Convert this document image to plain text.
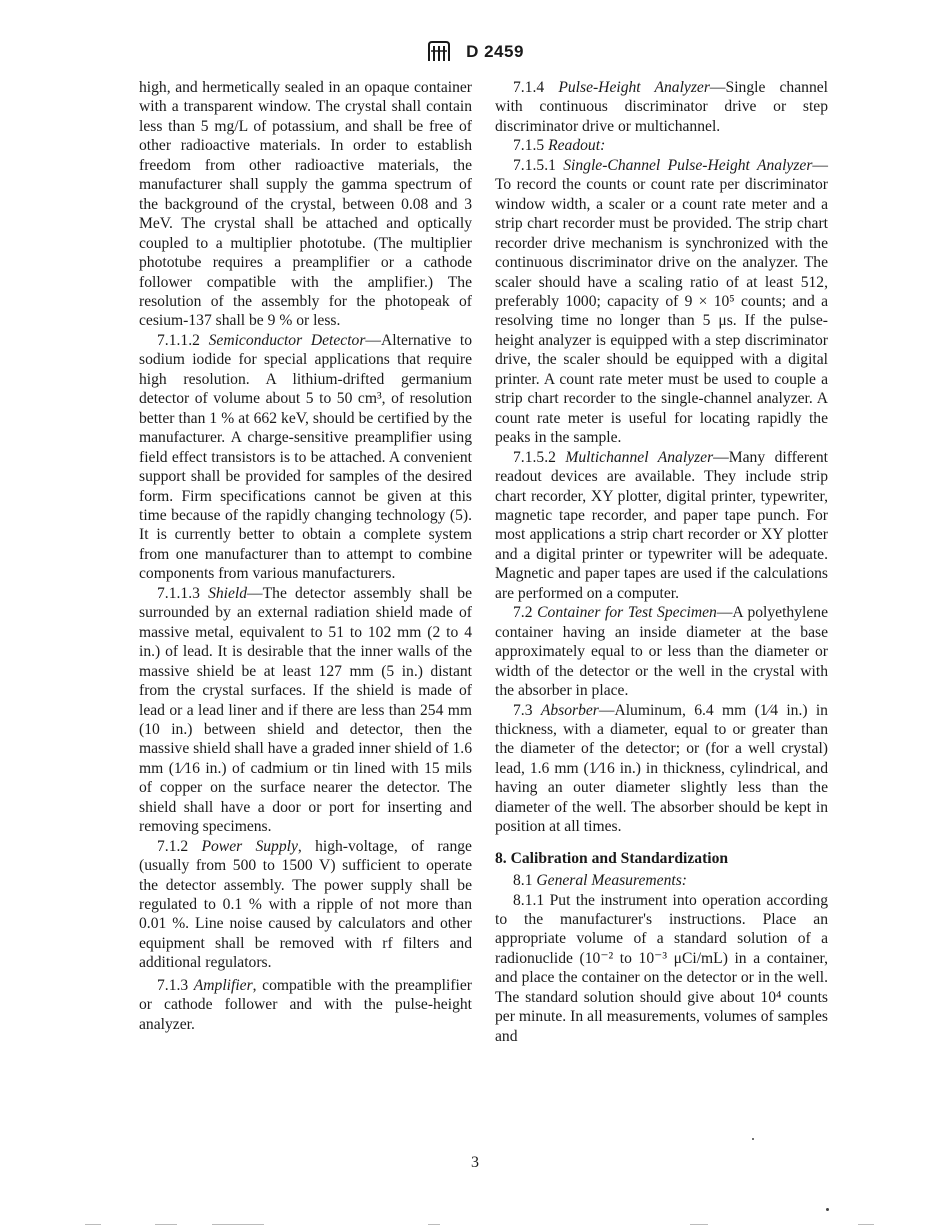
D 2459

high, and hermetically sealed in an opaque container with a transparent window. The crystal shall contain less than 5 mg/L of potassium, and shall be free of other radioactive materials. In order to establish freedom from other radioactive materials, the manufacturer shall supply the gamma spectrum of the background of the crystal, between 0.08 and 3 MeV. The crystal shall be attached and optically coupled to a multiplier phototube. (The multiplier phototube requires a preamplifier or a cathode follower compatible with the amplifier.) The resolution of the assembly for the photopeak of cesium-137 shall be 9 % or less.

7.1.1.2 Semiconductor Detector—Alternative to sodium iodide for special applications that require high resolution. A lithium-drifted germanium detector of volume about 5 to 50 cm³, of resolution better than 1 % at 662 keV, should be certified by the manufacturer. A charge-sensitive preamplifier using field effect transistors is to be attached. A convenient support shall be provided for samples of the desired form. Firm specifications cannot be given at this time because of the rapidly changing technology (5). It is currently better to obtain a complete system from one manufacturer than to attempt to combine components from various manufacturers.

7.1.1.3 Shield—The detector assembly shall be surrounded by an external radiation shield made of massive metal, equivalent to 51 to 102 mm (2 to 4 in.) of lead. It is desirable that the inner walls of the massive shield be at least 127 mm (5 in.) distant from the crystal surfaces. If the shield is made of lead or a lead liner and if there are less than 254 mm (10 in.) between shield and detector, then the massive shield shall have a graded inner shield of 1.6 mm (1⁄16 in.) of cadmium or tin lined with 15 mils of copper on the surface nearer the detector. The shield shall have a door or port for inserting and removing specimens.

7.1.2 Power Supply, high-voltage, of range (usually from 500 to 1500 V) sufficient to operate the detector assembly. The power supply shall be regulated to 0.1 % with a ripple of not more than 0.01 %. Line noise caused by calculators and other equipment shall be removed with rf filters and additional regulators.

7.1.3 Amplifier, compatible with the preamplifier or cathode follower and with the pulse-height analyzer.

7.1.4 Pulse-Height Analyzer—Single channel with continuous discriminator drive or step discriminator drive or multichannel.

7.1.5 Readout:

7.1.5.1 Single-Channel Pulse-Height Analyzer—To record the counts or count rate per discriminator window width, a scaler or a count rate meter and a strip chart recorder must be provided. The strip chart recorder drive mechanism is synchronized with the continuous discriminator drive on the analyzer. The scaler should have a scaling ratio of at least 512, preferably 1000; capacity of 9 × 10⁵ counts; and a resolving time no longer than 5 μs. If the pulse-height analyzer is equipped with a step discriminator drive, the scaler should be equipped with a digital printer. A count rate meter must be used to couple a strip chart recorder to the single-channel analyzer. A count rate meter is useful for locating rapidly the peaks in the sample.

7.1.5.2 Multichannel Analyzer—Many different readout devices are available. They include strip chart recorder, XY plotter, digital printer, typewriter, magnetic tape recorder, and paper tape punch. For most applications a strip chart recorder or XY plotter and a digital printer or typewriter will be adequate. Magnetic and paper tapes are used if the calculations are performed on a computer.

7.2 Container for Test Specimen—A polyethylene container having an inside diameter at the base approximately equal to or less than the diameter or width of the detector or the well in the crystal with the absorber in place.

7.3 Absorber—Aluminum, 6.4 mm (1⁄4 in.) in thickness, with a diameter, equal to or greater than the diameter of the detector; or (for a well crystal) lead, 1.6 mm (1⁄16 in.) in thickness, cylindrical, and having an outer diameter slightly less than the diameter of the well. The absorber should be kept in position at all times.

8. Calibration and Standardization

8.1 General Measurements:

8.1.1 Put the instrument into operation according to the manufacturer's instructions. Place an appropriate volume of a standard solution of a radionuclide (10⁻² to 10⁻³ μCi/mL) in a container, and place the container on the detector or in the well. The standard solution should give about 10⁴ counts per minute. In all measurements, volumes of samples and

3
